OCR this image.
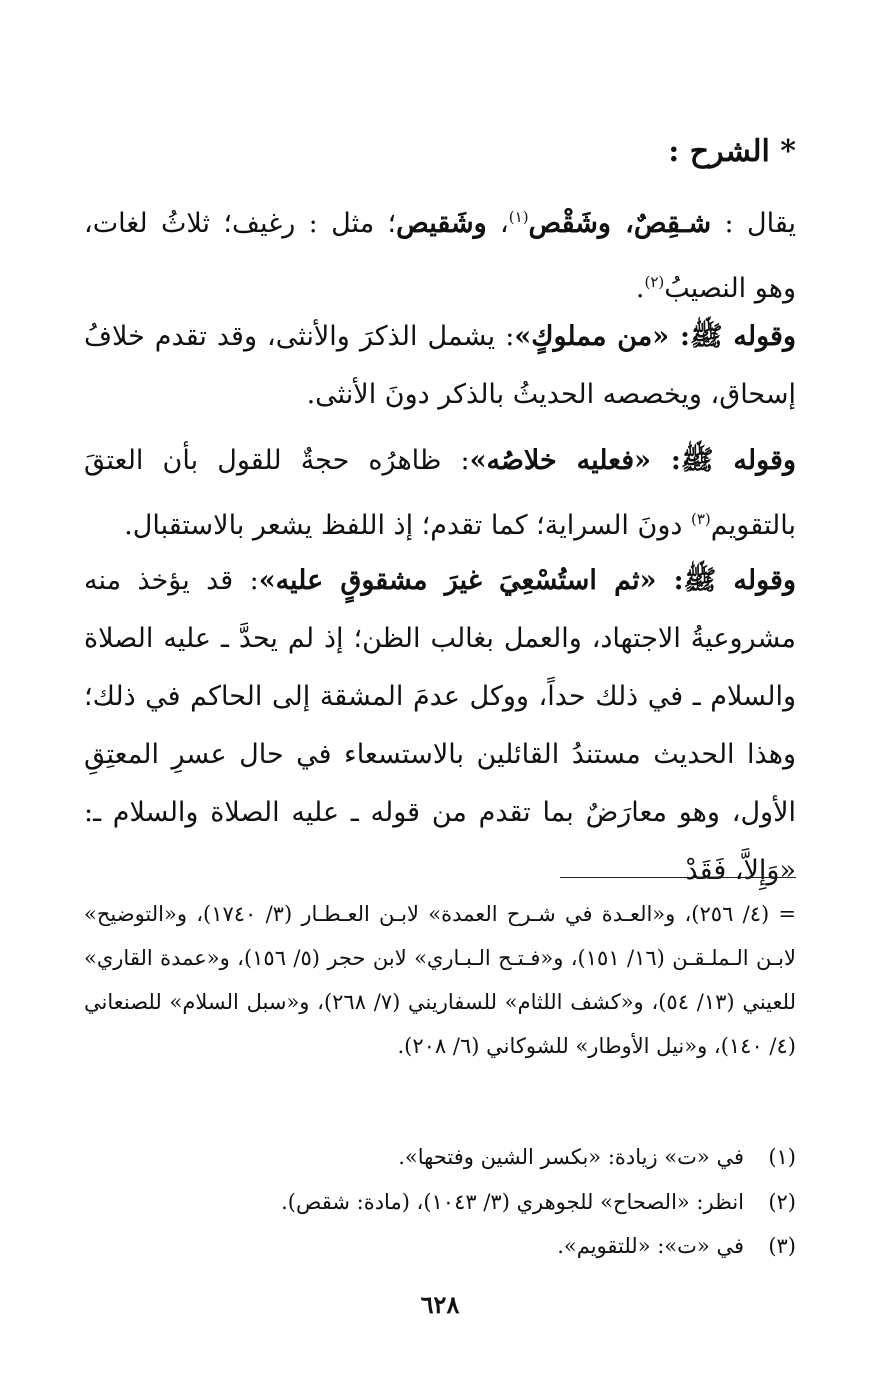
* الشرح :
يقال : شـقِصٌ، وشَقْص$^{(١)}$، وشَقيص؛ مثل : رغيف؛ ثلاثُ لغات، وهو النصيبُ$^{(٢)}$.
وقوله ﷺ: «من مملوكٍ»: يشمل الذكرَ والأنثى، وقد تقدم خلافُ إسحاق، ويخصصه الحديثُ بالذكر دونَ الأنثى.
وقوله ﷺ: «فعليه خلاصُه»: ظاهرُه حجةٌ للقول بأن العتقَ بالتقويم$^{(٣)}$ دونَ السراية؛ كما تقدم؛ إذ اللفظ يشعر بالاستقبال.
وقوله ﷺ: «ثم استُسْعِيَ غيرَ مشقوقٍ عليه»: قد يؤخذ منه مشروعيةُ الاجتهاد، والعمل بغالب الظن؛ إذ لم يحدَّ ـ عليه الصلاة والسلام ـ في ذلك حداً، ووكل عدمَ المشقة إلى الحاكم في ذلك؛ وهذا الحديث مستندُ القائلين بالاستسعاء في حال عسرِ المعتِقِ الأول، وهو معارَضٌ بما تقدم من قوله ـ عليه الصلاة والسلام ـ: «وَإِلاَّ، فَقَدْ
= (٤/ ٢٥٦)، و«العـدة في شـرح العمدة» لابـن العـطـار (٣/ ١٧٤٠)، و«التوضيح» لابـن الـملـقـن (١٦/ ١٥١)، و«فـتـح الـبـاري» لابن حجر (٥/ ١٥٦)، و«عمدة القاري» للعيني (١٣/ ٥٤)، و«كشف اللثام» للسفاريني (٧/ ٢٦٨)، و«سبل السلام» للصنعاني (٤/ ١٤٠)، و«نيل الأوطار» للشوكاني (٦/ ٢٠٨).
(١)في «ت» زيادة: «بكسر الشين وفتحها».
(٢)انظر: «الصحاح» للجوهري (٣/ ١٠٤٣)، (مادة: شقص).
(٣)في «ت»: «للتقويم».
٦٢٨
